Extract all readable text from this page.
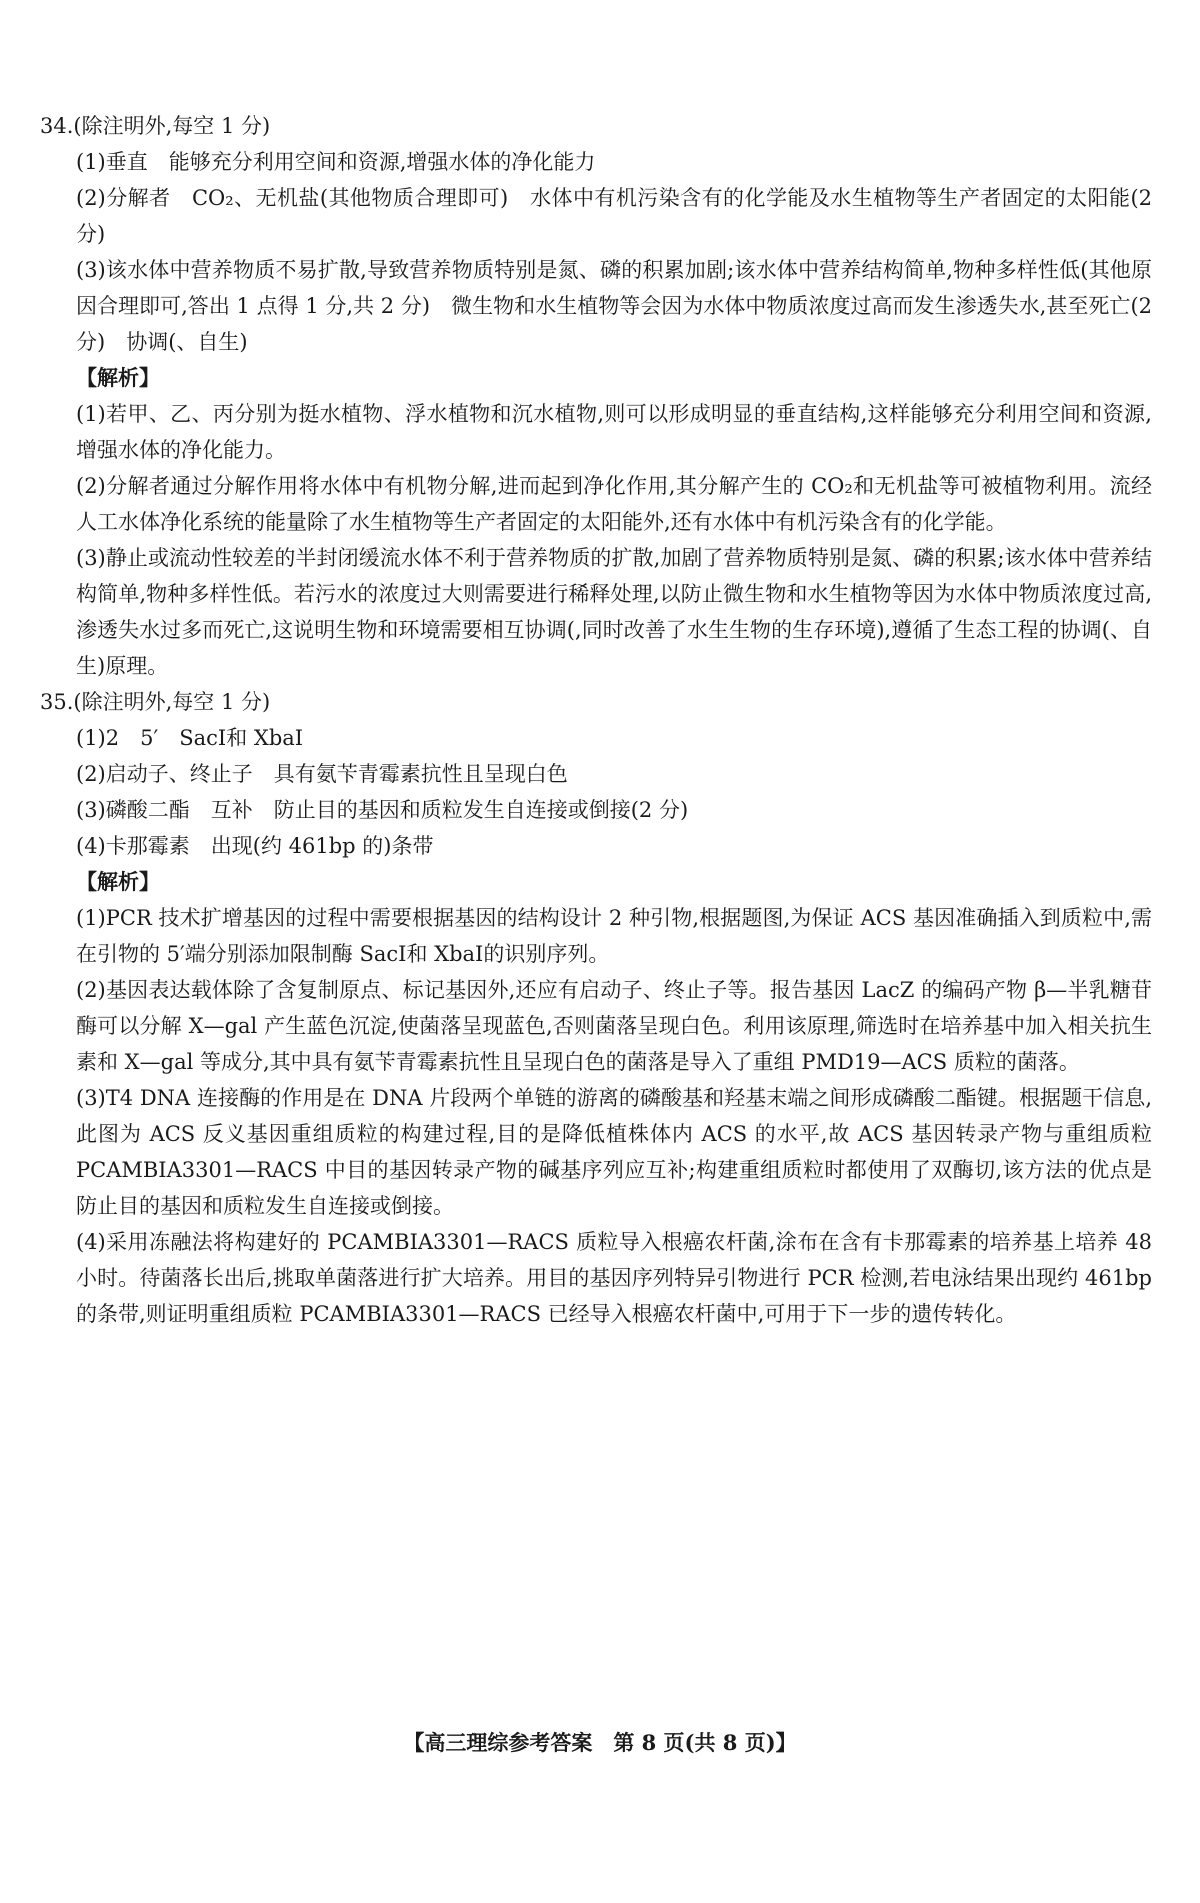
34.(除注明外,每空 1 分)
(1)垂直　能够充分利用空间和资源,增强水体的净化能力
(2)分解者　CO₂、无机盐(其他物质合理即可)　水体中有机污染含有的化学能及水生植物等生产者固定的太阳能(2 分)
(3)该水体中营养物质不易扩散,导致营养物质特别是氮、磷的积累加剧;该水体中营养结构简单,物种多样性低(其他原因合理即可,答出 1 点得 1 分,共 2 分)　微生物和水生植物等会因为水体中物质浓度过高而发生渗透失水,甚至死亡(2 分)　协调(、自生)
【解析】
(1)若甲、乙、丙分别为挺水植物、浮水植物和沉水植物,则可以形成明显的垂直结构,这样能够充分利用空间和资源,增强水体的净化能力。
(2)分解者通过分解作用将水体中有机物分解,进而起到净化作用,其分解产生的 CO₂和无机盐等可被植物利用。流经人工水体净化系统的能量除了水生植物等生产者固定的太阳能外,还有水体中有机污染含有的化学能。
(3)静止或流动性较差的半封闭缓流水体不利于营养物质的扩散,加剧了营养物质特别是氮、磷的积累;该水体中营养结构简单,物种多样性低。若污水的浓度过大则需要进行稀释处理,以防止微生物和水生植物等因为水体中物质浓度过高,渗透失水过多而死亡,这说明生物和环境需要相互协调(,同时改善了水生生物的生存环境),遵循了生态工程的协调(、自生)原理。
35.(除注明外,每空 1 分)
(1)2　5′　SacⅠ和 XbaⅠ
(2)启动子、终止子　具有氨苄青霉素抗性且呈现白色
(3)磷酸二酯　互补　防止目的基因和质粒发生自连接或倒接(2 分)
(4)卡那霉素　出现(约 461bp 的)条带
【解析】
(1)PCR 技术扩增基因的过程中需要根据基因的结构设计 2 种引物,根据题图,为保证 ACS 基因准确插入到质粒中,需在引物的 5′端分别添加限制酶 SacⅠ和 XbaⅠ的识别序列。
(2)基因表达载体除了含复制原点、标记基因外,还应有启动子、终止子等。报告基因 LacZ 的编码产物 β—半乳糖苷酶可以分解 X—gal 产生蓝色沉淀,使菌落呈现蓝色,否则菌落呈现白色。利用该原理,筛选时在培养基中加入相关抗生素和 X—gal 等成分,其中具有氨苄青霉素抗性且呈现白色的菌落是导入了重组 PMD19—ACS 质粒的菌落。
(3)T4 DNA 连接酶的作用是在 DNA 片段两个单链的游离的磷酸基和羟基末端之间形成磷酸二酯键。根据题干信息,此图为 ACS 反义基因重组质粒的构建过程,目的是降低植株体内 ACS 的水平,故 ACS 基因转录产物与重组质粒 PCAMBIA3301—RACS 中目的基因转录产物的碱基序列应互补;构建重组质粒时都使用了双酶切,该方法的优点是防止目的基因和质粒发生自连接或倒接。
(4)采用冻融法将构建好的 PCAMBIA3301—RACS 质粒导入根癌农杆菌,涂布在含有卡那霉素的培养基上培养 48 小时。待菌落长出后,挑取单菌落进行扩大培养。用目的基因序列特异引物进行 PCR 检测,若电泳结果出现约 461bp 的条带,则证明重组质粒 PCAMBIA3301—RACS 已经导入根癌农杆菌中,可用于下一步的遗传转化。
【高三理综参考答案　第 8 页(共 8 页)】
